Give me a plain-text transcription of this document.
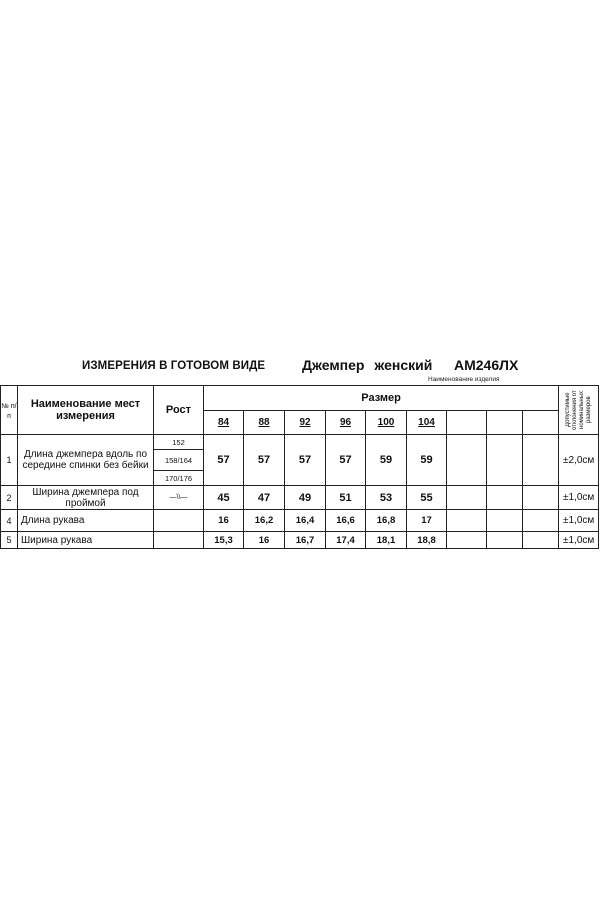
ИЗМЕРЕНИЯ В ГОТОВОМ ВИДЕ	Джемпер женский АМ246ЛХ
Наименование изделия
№ п/п	Наименование мест измерения	Рост	Размер									Допустимые отклонения от номинальных размеров

			84	88	92	96	100	104				
1	Длина джемпера вдоль по середине спинки без бейки	152	57	57	57	57	59	59				±2,0см
		158/164										
		170/176										
2	Ширина джемпера под проймой	—\\—	45	47	49	51	53	55				±1,0см
4	Длина рукава		16	16,2	16,4	16,6	16,8	17				±1,0см
5	Ширина рукава		15,3	16	16,7	17,4	18,1	18,8				±1,0см
